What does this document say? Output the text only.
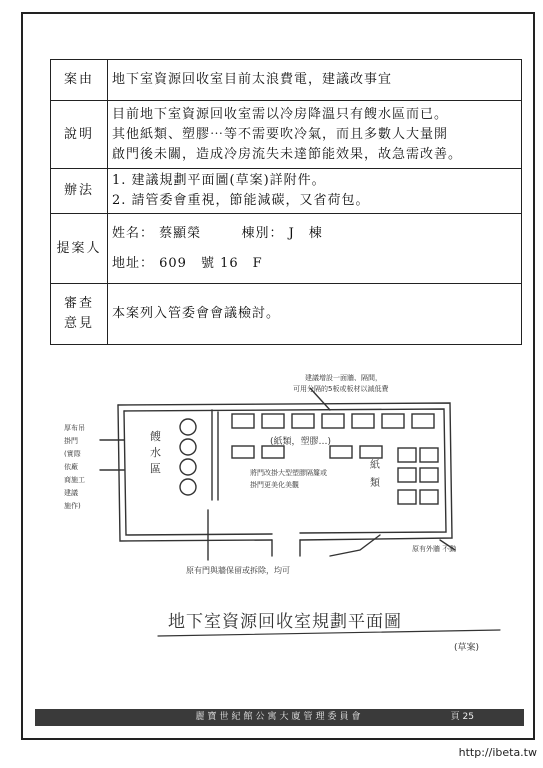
案由	地下室資源回收室目前太浪費電，建議改事宜
說明	目前地下室資源回收室需以冷房降溫只有餿水區而已。
其他紙類、塑膠⋯等不需要吹冷氣，而且多數人大量開
啟門後未關，造成冷房流失未達節能效果，故急需改善。

辦法	1. 建議規劃平面圖(草案)詳附件。
2. 請管委會重視，節能減碳，又省荷包。

提案人	姓名： 蔡顯榮 棟別： J　棟
地址： 609　號 16　F

審查
意見	本案列入管委會會議檢討。
厚布吊 掛門 (實際 依廠 商施工 建議 施作)
建議增設一面牆、隔間， 可用分隔的5板或板材以減低費
(紙類，塑膠…)
餿 水 區	紙 類
將門改掛大型塑膠隔簾或 掛門更美化美觀
原有外牆 不動
原有門與牆保留或拆除，均可
地下室資源回收室規劃平面圖
(草案)
麗寶世紀館公寓大廈管理委員會	頁 25
http://ibeta.tw
